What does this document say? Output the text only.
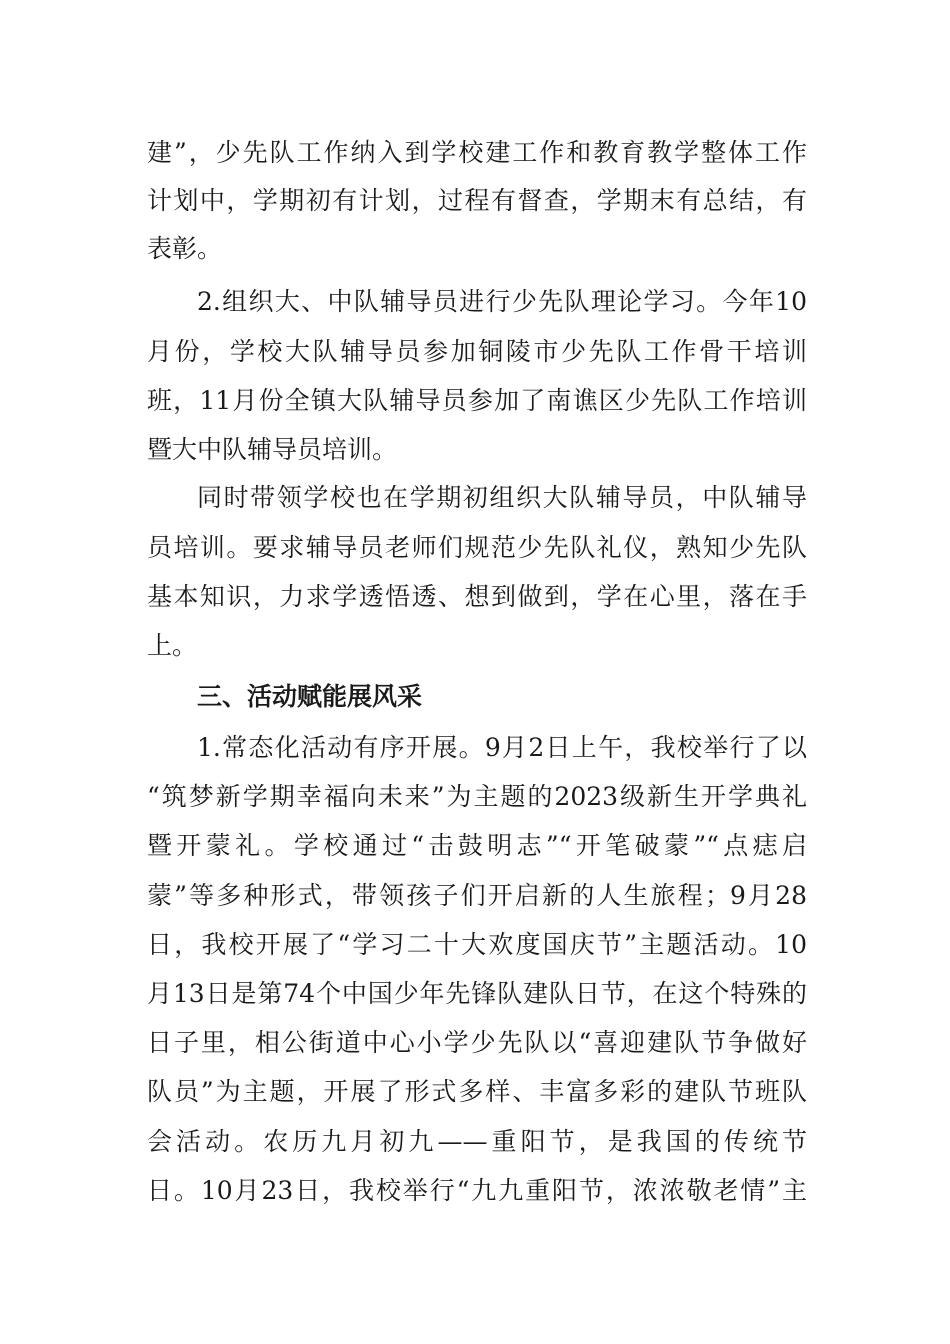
建”，少先队工作纳入到学校建工作和教育教学整体工作
计划中，学期初有计划，过程有督查，学期末有总结，有
表彰。
2.组织大、中队辅导员进行少先队理论学习。今年10
月份，学校大队辅导员参加铜陵市少先队工作骨干培训
班，11月份全镇大队辅导员参加了南谯区少先队工作培训
暨大中队辅导员培训。
同时带领学校也在学期初组织大队辅导员，中队辅导
员培训。要求辅导员老师们规范少先队礼仪，熟知少先队
基本知识，力求学透悟透、想到做到，学在心里，落在手
上。
三、活动赋能展风采
1.常态化活动有序开展。9月2日上午，我校举行了以
“筑梦新学期幸福向未来”为主题的2023级新生开学典礼
暨开蒙礼。学校通过“击鼓明志”“开笔破蒙”“点痣启
蒙”等多种形式，带领孩子们开启新的人生旅程；9月28
日，我校开展了“学习二十大欢度国庆节”主题活动。10
月13日是第74个中国少年先锋队建队日节，在这个特殊的
日子里，相公街道中心小学少先队以“喜迎建队节争做好
队员”为主题，开展了形式多样、丰富多彩的建队节班队
会活动。农历九月初九——重阳节，是我国的传统节
日。10月23日，我校举行“九九重阳节，浓浓敬老情”主
